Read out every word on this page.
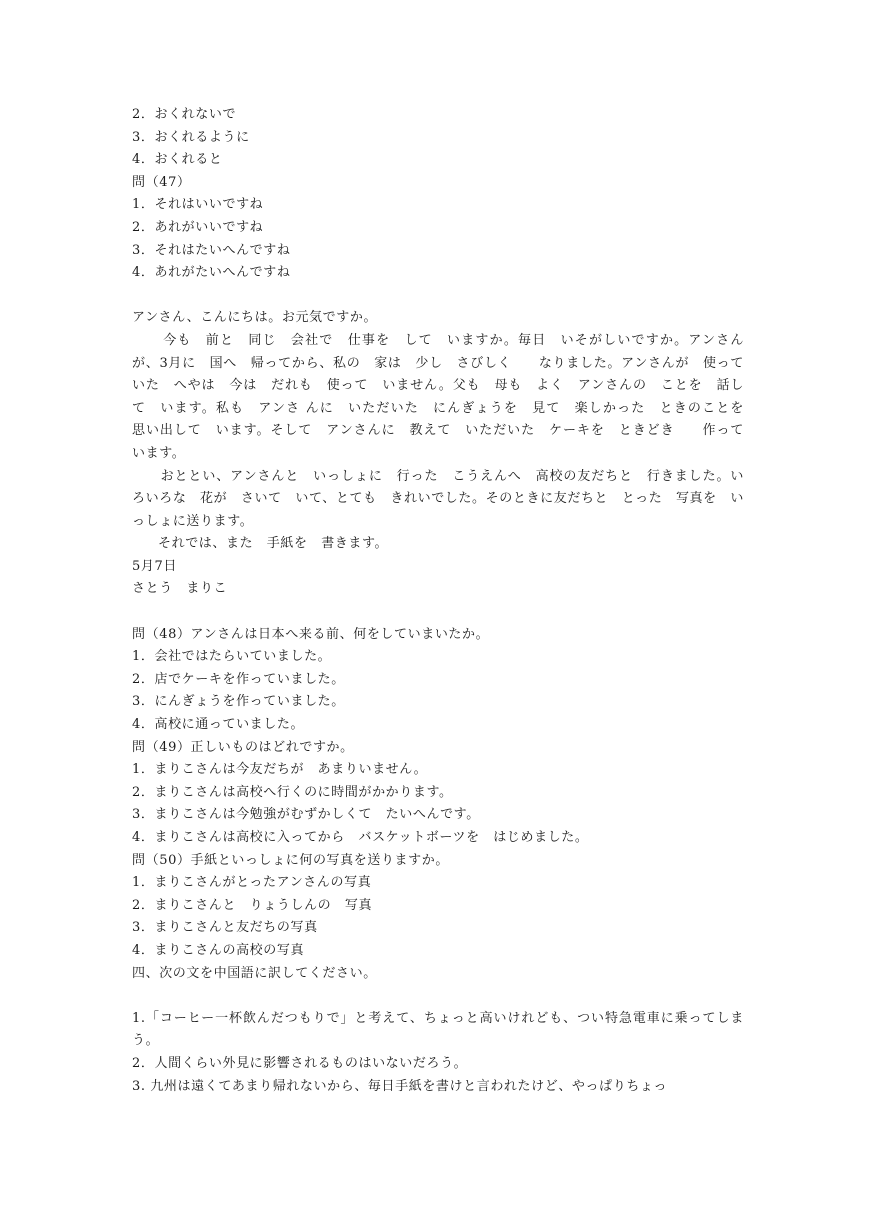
2．おくれないで
3．おくれるように
4．おくれると
問（47）
1．それはいいですね
2．あれがいいですね
3．それはたいへんですね
4．あれがたいへんですね
アンさん、こんにちは。お元気ですか。
今も　前と　同じ　会社で　仕事を　して　いますか。毎日　いそがしいですか。アンさんが、3月に　国へ　帰ってから、私の　家は　少し　さびしく　　なりました。アンさんが　使って　いた　へやは　今は　だれも　使って　いません。父も　母も　よく　アンさんの　ことを　話して　います。私も　アンさ んに　いただいた　にんぎょうを　見て　楽しかった　ときのことを　思い出して　います。そして　アンさんに　教えて　いただいた　ケーキを　ときどき　　作って　います。
おととい、アンさんと　いっしょに　行った　こうえんへ　高校の友だちと　行きました。いろいろな　花が　さいて　いて、とても　きれいでした。そのときに友だちと　とった　写真を　いっしょに送ります。
それでは、また　手紙を　書きます。
5月7日
さとう　まりこ
問（48）アンさんは日本へ来る前、何をしていまいたか。
1．会社ではたらいていました。
2．店でケーキを作っていました。
3．にんぎょうを作っていました。
4．高校に通っていました。
問（49）正しいものはどれですか。
1．まりこさんは今友だちが　あまりいません。
2．まりこさんは高校へ行くのに時間がかかります。
3．まりこさんは今勉強がむずかしくて　たいへんです。
4．まりこさんは高校に入ってから　バスケットボーツを　はじめました。
問（50）手紙といっしょに何の写真を送りますか。
1．まりこさんがとったアンさんの写真
2．まりこさんと　りょうしんの　写真
3．まりこさんと友だちの写真
4．まりこさんの高校の写真
四、次の文を中国語に訳してください。
1.「コーヒー一杯飲んだつもりで」と考えて、ちょっと高いけれども、つい特急電車に乗ってしまう。
2．人間くらい外見に影響されるものはいないだろう。
3. 九州は遠くてあまり帰れないから、毎日手紙を書けと言われたけど、やっぱりちょっ
